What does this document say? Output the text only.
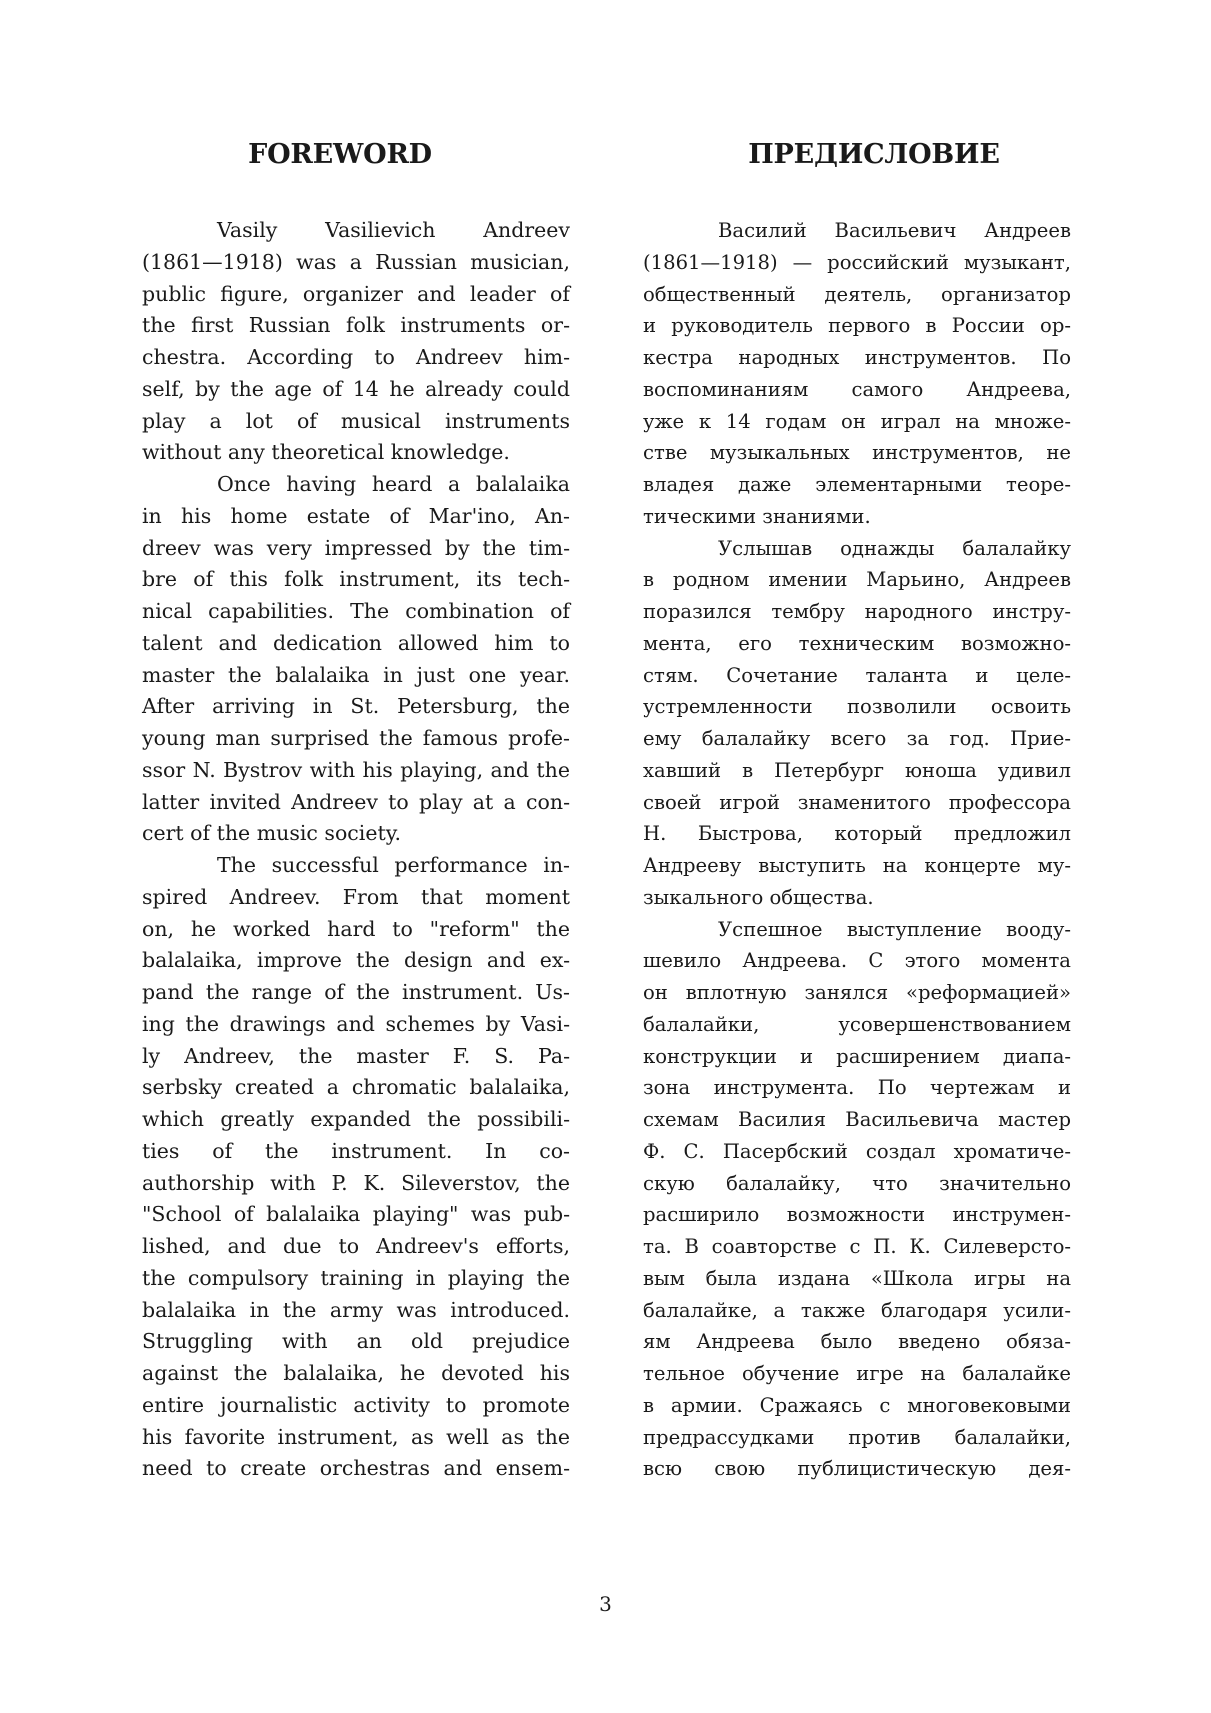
FOREWORD
Vasily Vasilievich Andreev
(1861—1918) was a Russian musician,
public figure, organizer and leader of
the first Russian folk instruments or-
chestra. According to Andreev him-
self, by the age of 14 he already could
play a lot of musical instruments
without any theoretical knowledge.
Once having heard a balalaika
in his home estate of Mar'ino, An-
dreev was very impressed by the tim-
bre of this folk instrument, its tech-
nical capabilities. The combination of
talent and dedication allowed him to
master the balalaika in just one year.
After arriving in St. Petersburg, the
young man surprised the famous profe-
ssor N. Bystrov with his playing, and the
latter invited Andreev to play at a con-
cert of the music society.
The successful performance in-
spired Andreev. From that moment
on, he worked hard to "reform" the
balalaika, improve the design and ex-
pand the range of the instrument. Us-
ing the drawings and schemes by Vasi-
ly Andreev, the master F. S. Pa-
serbsky created a chromatic balalaika,
which greatly expanded the possibili-
ties of the instrument. In co-
authorship with P. K. Sileverstov, the
"School of balalaika playing" was pub-
lished, and due to Andreev's efforts,
the compulsory training in playing the
balalaika in the army was introduced.
Struggling with an old prejudice
against the balalaika, he devoted his
entire journalistic activity to promote
his favorite instrument, as well as the
need to create orchestras and ensem-
ПРЕДИСЛОВИЕ
Василий Васильевич Андреев
(1861—1918) — российский музыкант,
общественный деятель, организатор
и руководитель первого в России ор-
кестра народных инструментов. По
воспоминаниям самого Андреева,
уже к 14 годам он играл на множе-
стве музыкальных инструментов, не
владея даже элементарными теоре-
тическими знаниями.
Услышав однажды балалайку
в родном имении Марьино, Андреев
поразился тембру народного инстру-
мента, его техническим возможно-
стям. Сочетание таланта и целе-
устремленности позволили освоить
ему балалайку всего за год. Прие-
хавший в Петербург юноша удивил
своей игрой знаменитого профессора
Н. Быстрова, который предложил
Андрееву выступить на концерте му-
зыкального общества.
Успешное выступление вооду-
шевило Андреева. С этого момента
он вплотную занялся «реформацией»
балалайки, усовершенствованием
конструкции и расширением диапа-
зона инструмента. По чертежам и
схемам Василия Васильевича мастер
Ф. С. Пасербский создал хроматиче-
скую балалайку, что значительно
расширило возможности инструмен-
та. В соавторстве с П. К. Силеверсто-
вым была издана «Школа игры на
балалайке, а также благодаря усили-
ям Андреева было введено обяза-
тельное обучение игре на балалайке
в армии. Сражаясь с многовековыми
предрассудками против балалайки,
всю свою публицистическую дея-
3
